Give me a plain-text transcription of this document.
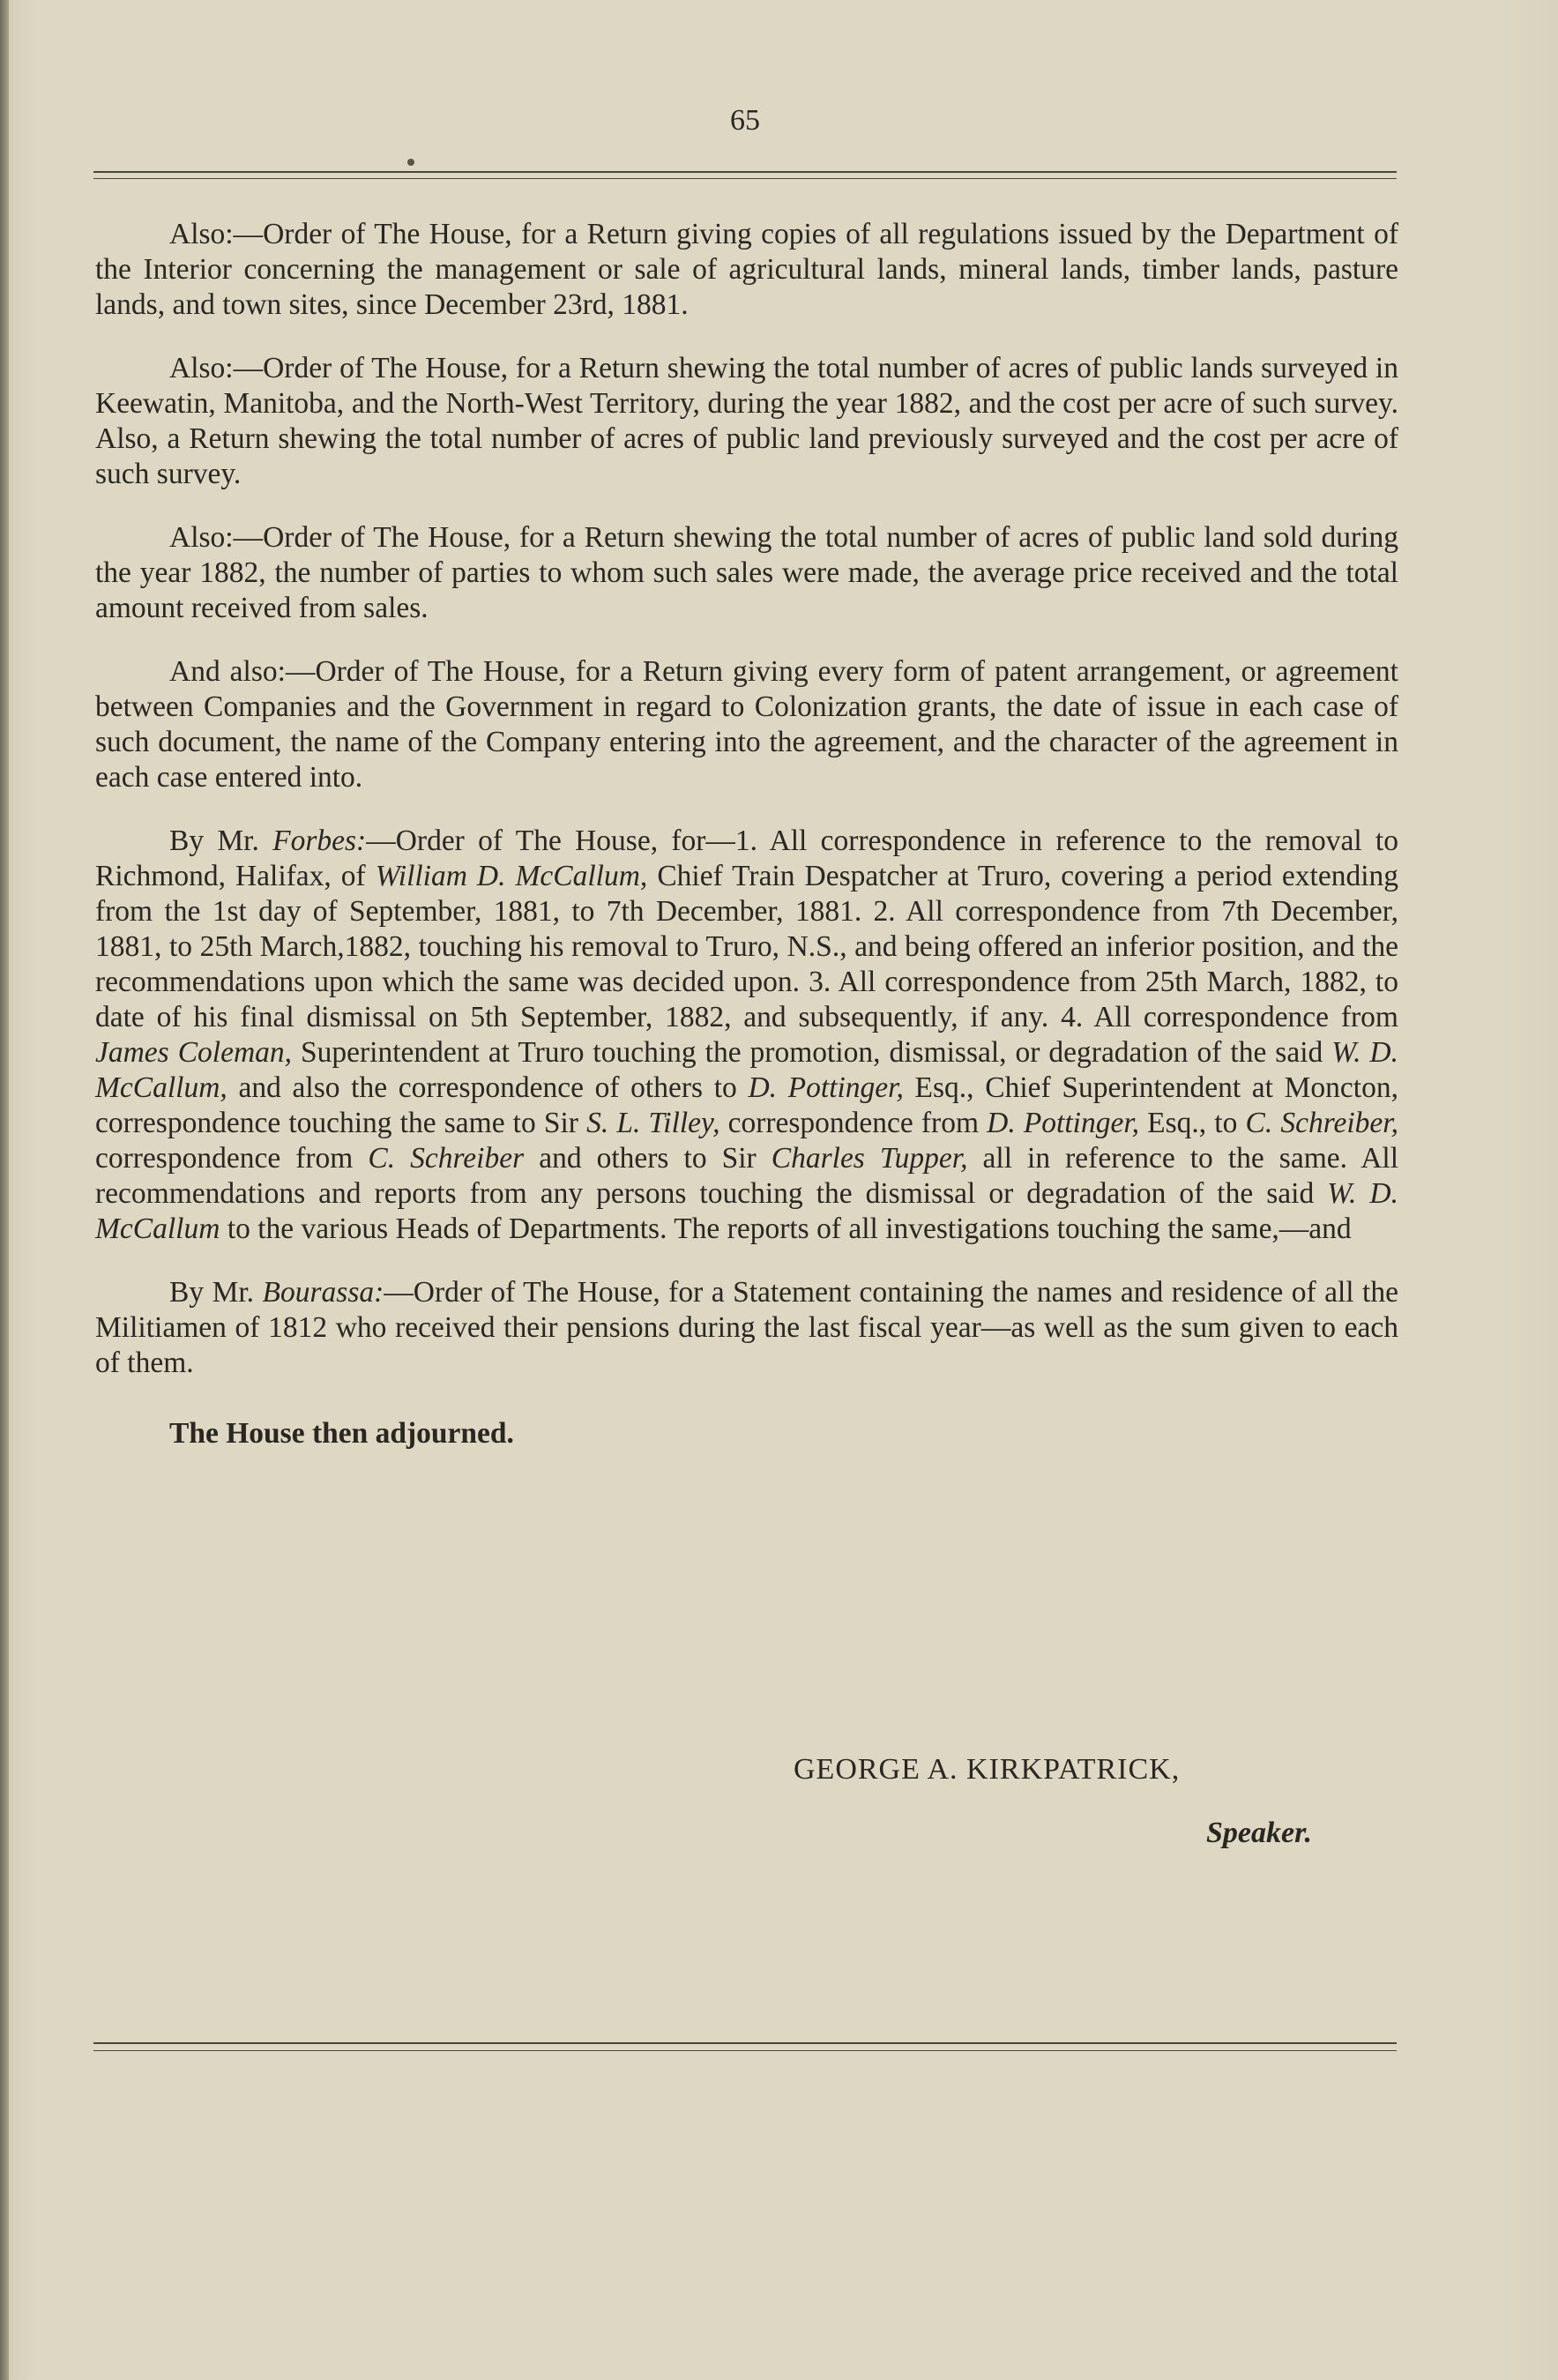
65

Also:—Order of The House, for a Return giving copies of all regulations issued by the Department of the Interior concerning the management or sale of agricultural lands, mineral lands, timber lands, pasture lands, and town sites, since December 23rd, 1881.

Also:—Order of The House, for a Return shewing the total number of acres of public lands surveyed in Keewatin, Manitoba, and the North-West Territory, during the year 1882, and the cost per acre of such survey. Also, a Return shewing the total number of acres of public land previously surveyed and the cost per acre of such survey.

Also:—Order of The House, for a Return shewing the total number of acres of public land sold during the year 1882, the number of parties to whom such sales were made, the average price received and the total amount received from sales.

And also:—Order of The House, for a Return giving every form of patent arrangement, or agreement between Companies and the Government in regard to Colonization grants, the date of issue in each case of such document, the name of the Company entering into the agreement, and the character of the agreement in each case entered into.

By Mr. Forbes:—Order of The House, for—1. All correspondence in reference to the removal to Richmond, Halifax, of William D. McCallum, Chief Train Despatcher at Truro, covering a period extending from the 1st day of September, 1881, to 7th December, 1881. 2. All correspondence from 7th December, 1881, to 25th March,1882, touching his removal to Truro, N.S., and being offered an inferior position, and the recommendations upon which the same was decided upon. 3. All correspondence from 25th March, 1882, to date of his final dismissal on 5th September, 1882, and subsequently, if any. 4. All correspondence from James Coleman, Superintendent at Truro touching the promotion, dismissal, or degradation of the said W. D. McCallum, and also the correspondence of others to D. Pottinger, Esq., Chief Superintendent at Moncton, correspondence touching the same to Sir S. L. Tilley, correspondence from D. Pottinger, Esq., to C. Schreiber, correspondence from C. Schreiber and others to Sir Charles Tupper, all in reference to the same. All recommendations and reports from any persons touching the dismissal or degradation of the said W. D. McCallum to the various Heads of Departments. The reports of all investigations touching the same,—and

By Mr. Bourassa:—Order of The House, for a Statement containing the names and residence of all the Militiamen of 1812 who received their pensions during the last fiscal year—as well as the sum given to each of them.

The House then adjourned.
GEORGE A. KIRKPATRICK,
Speaker.
